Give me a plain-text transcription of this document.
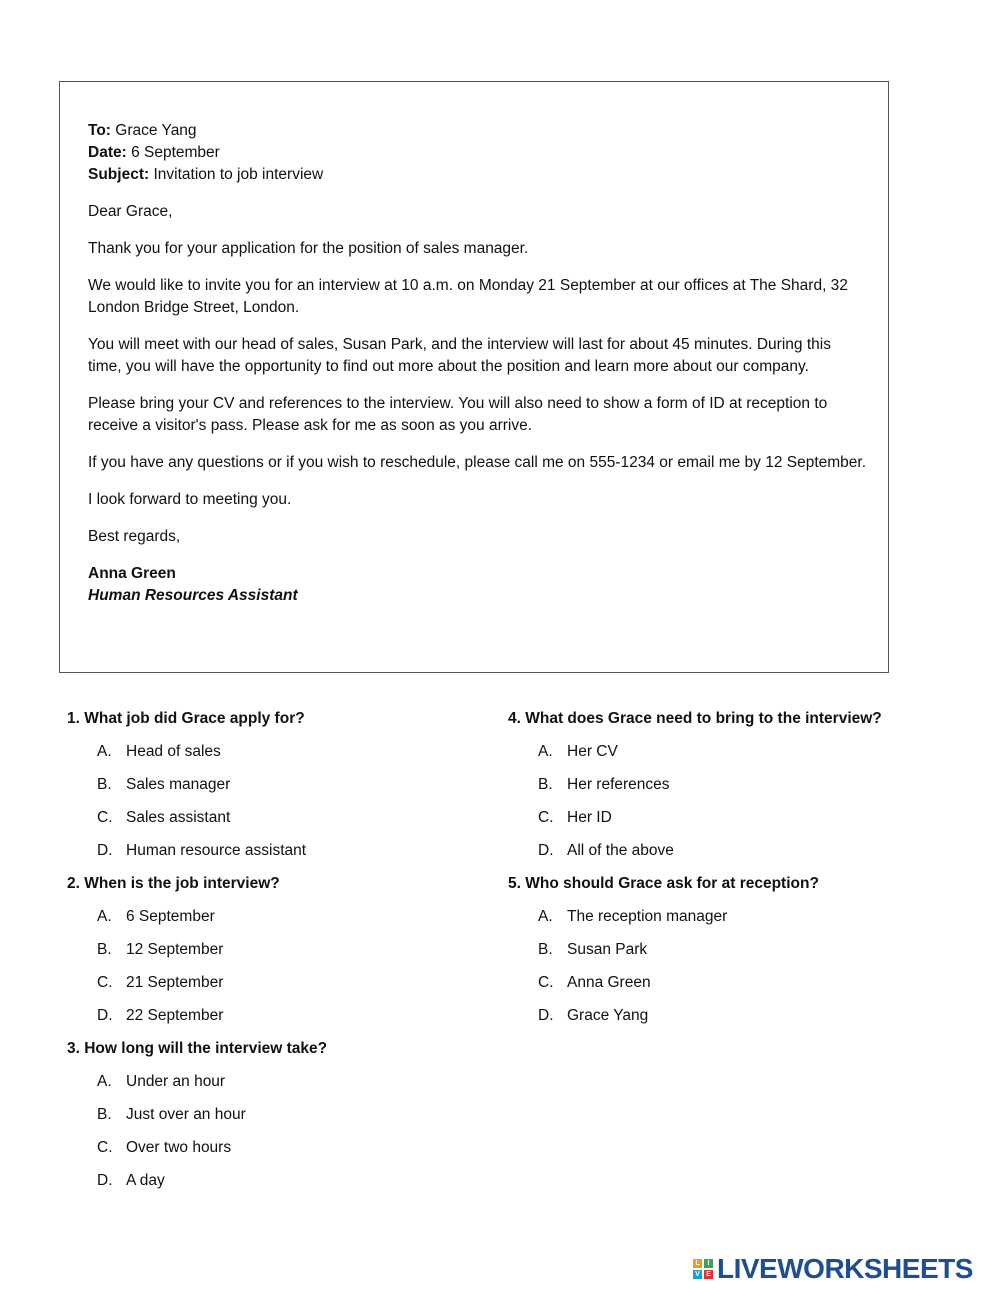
To: Grace Yang
Date: 6 September
Subject: Invitation to job interview

Dear Grace,

Thank you for your application for the position of sales manager.

We would like to invite you for an interview at 10 a.m. on Monday 21 September at our offices at The Shard, 32 London Bridge Street, London.

You will meet with our head of sales, Susan Park, and the interview will last for about 45 minutes. During this time, you will have the opportunity to find out more about the position and learn more about our company.

Please bring your CV and references to the interview. You will also need to show a form of ID at reception to receive a visitor's pass. Please ask for me as soon as you arrive.

If you have any questions or if you wish to reschedule, please call me on 555-1234 or email me by 12 September.

I look forward to meeting you.

Best regards,

Anna Green
Human Resources Assistant
1. What job did Grace apply for?
A. Head of sales
B. Sales manager
C. Sales assistant
D. Human resource assistant
2. When is the job interview?
A. 6 September
B. 12 September
C. 21 September
D. 22 September
3. How long will the interview take?
A. Under an hour
B. Just over an hour
C. Over two hours
D. A day
4. What does Grace need to bring to the interview?
A. Her CV
B. Her references
C. Her ID
D. All of the above
5. Who should Grace ask for at reception?
A. The reception manager
B. Susan Park
C. Anna Green
D. Grace Yang
L	I
V E LIVEWORKSHEETS
